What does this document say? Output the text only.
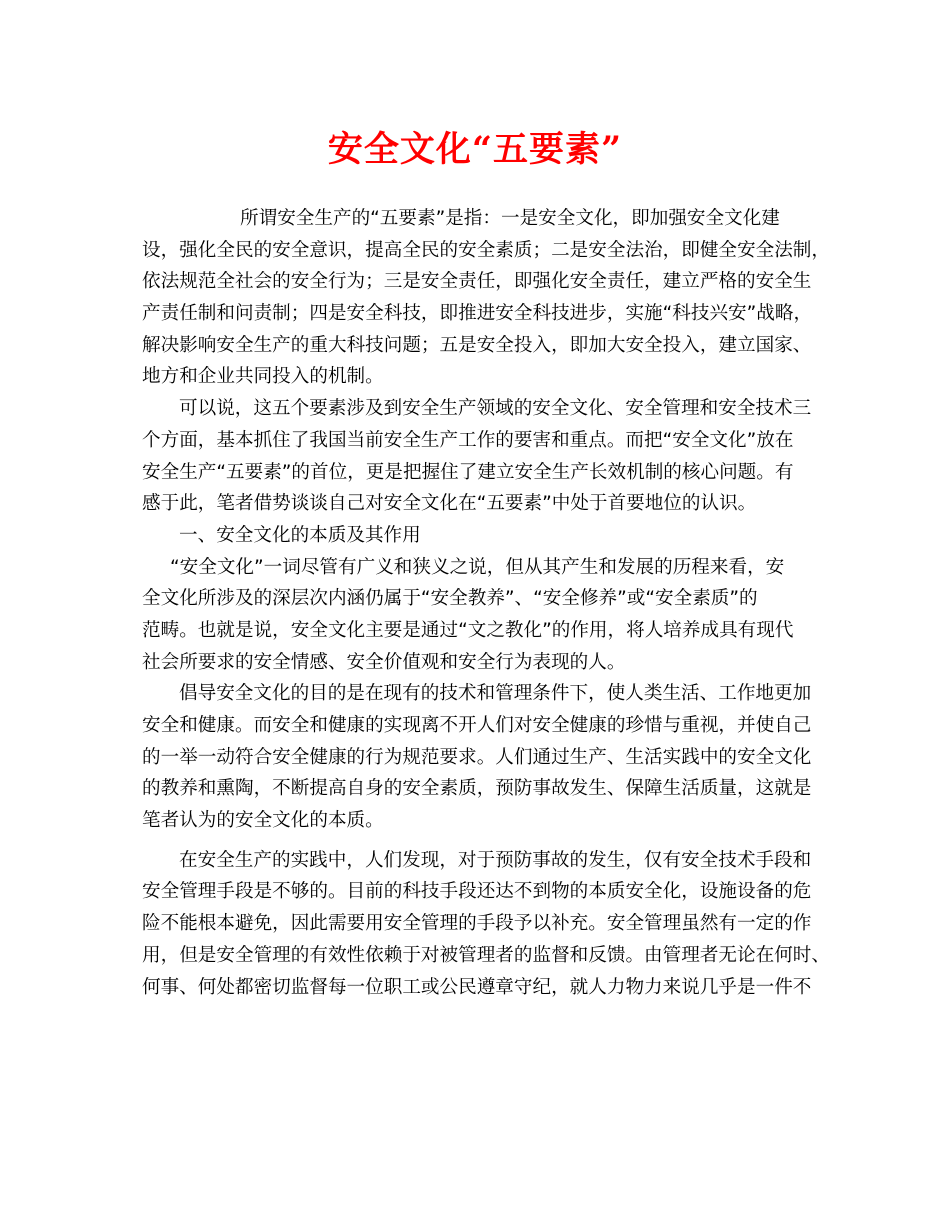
安全文化“五要素”
所谓安全生产的“五要素”是指：一是安全文化，即加强安全文化建
设，强化全民的安全意识，提高全民的安全素质；二是安全法治，即健全安全法制，
依法规范全社会的安全行为；三是安全责任，即强化安全责任，建立严格的安全生
产责任制和问责制；四是安全科技，即推进安全科技进步，实施“科技兴安”战略，
解决影响安全生产的重大科技问题；五是安全投入，即加大安全投入，建立国家、
地方和企业共同投入的机制。
可以说，这五个要素涉及到安全生产领域的安全文化、安全管理和安全技术三
个方面，基本抓住了我国当前安全生产工作的要害和重点。而把“安全文化”放在
安全生产“五要素”的首位，更是把握住了建立安全生产长效机制的核心问题。有
感于此，笔者借势谈谈自己对安全文化在“五要素”中处于首要地位的认识。
一、安全文化的本质及其作用
“安全文化”一词尽管有广义和狭义之说，但从其产生和发展的历程来看，安
全文化所涉及的深层次内涵仍属于“安全教养”、“安全修养”或“安全素质”的
范畴。也就是说，安全文化主要是通过“文之教化”的作用，将人培养成具有现代
社会所要求的安全情感、安全价值观和安全行为表现的人。
倡导安全文化的目的是在现有的技术和管理条件下，使人类生活、工作地更加
安全和健康。而安全和健康的实现离不开人们对安全健康的珍惜与重视，并使自己
的一举一动符合安全健康的行为规范要求。人们通过生产、生活实践中的安全文化
的教养和熏陶，不断提高自身的安全素质，预防事故发生、保障生活质量，这就是
笔者认为的安全文化的本质。
在安全生产的实践中，人们发现，对于预防事故的发生，仅有安全技术手段和
安全管理手段是不够的。目前的科技手段还达不到物的本质安全化，设施设备的危
险不能根本避免，因此需要用安全管理的手段予以补充。安全管理虽然有一定的作
用，但是安全管理的有效性依赖于对被管理者的监督和反馈。由管理者无论在何时、
何事、何处都密切监督每一位职工或公民遵章守纪，就人力物力来说几乎是一件不
